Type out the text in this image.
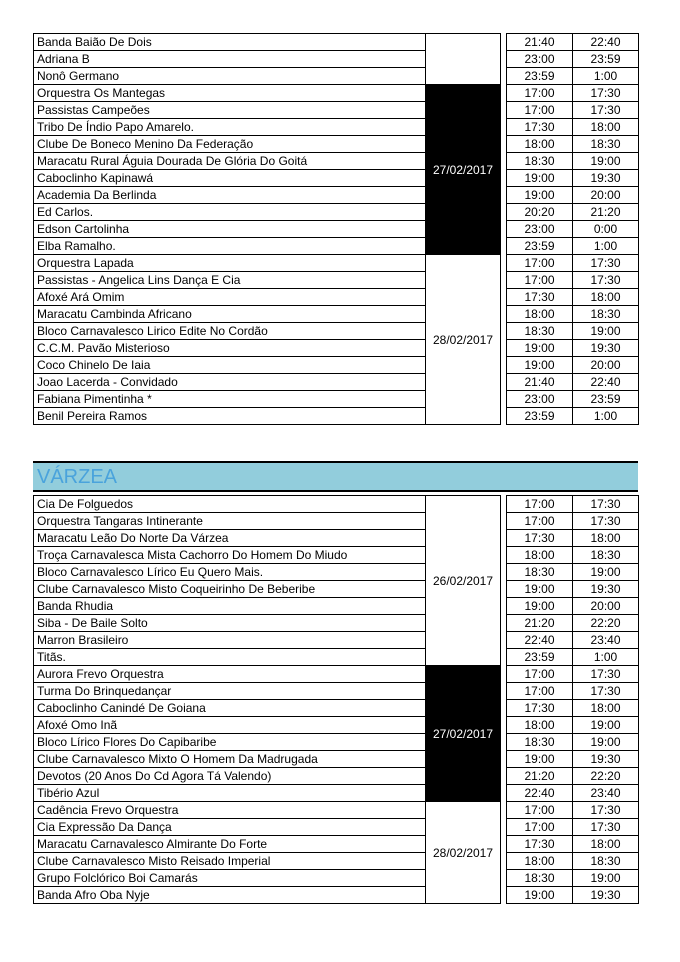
Banda Baião De Dois			21:40	22:40
Adriana B			23:00	23:59
Nonô Germano			23:59	1:00
Orquestra Os Mantegas	27/02/2017		17:00	17:30
Passistas Campeões			17:00	17:30
Tribo De Índio Papo Amarelo.			17:30	18:00
Clube De Boneco Menino Da Federação			18:00	18:30
Maracatu Rural Águia Dourada De Glória Do Goitá			18:30	19:00
Caboclinho Kapinawá			19:00	19:30
Academia Da Berlinda			19:00	20:00
Ed Carlos.			20:20	21:20
Edson Cartolinha			23:00	0:00
Elba Ramalho.			23:59	1:00
Orquestra Lapada	28/02/2017		17:00	17:30
Passistas - Angelica Lins Dança E Cia			17:00	17:30
Afoxé Ará Omim			17:30	18:00
Maracatu Cambinda Africano			18:00	18:30
Bloco Carnavalesco Lirico Edite No Cordão			18:30	19:00
C.C.M. Pavão Misterioso			19:00	19:30
Coco Chinelo De Iaia			19:00	20:00
Joao Lacerda - Convidado			21:40	22:40
Fabiana Pimentinha *			23:00	23:59
Benil Pereira Ramos			23:59	1:00
VÁRZEA
Cia De Folguedos	26/02/2017		17:00	17:30
Orquestra Tangaras Intinerante			17:00	17:30
Maracatu Leão Do Norte Da Várzea			17:30	18:00
Troça Carnavalesca Mista Cachorro Do Homem Do Miudo			18:00	18:30
Bloco Carnavalesco Lírico Eu Quero Mais.			18:30	19:00
Clube Carnavalesco Misto Coqueirinho De Beberibe			19:00	19:30
Banda Rhudia			19:00	20:00
Siba - De Baile Solto			21:20	22:20
Marron Brasileiro			22:40	23:40
Titãs.			23:59	1:00
Aurora Frevo Orquestra	27/02/2017		17:00	17:30
Turma Do Brinquedançar			17:00	17:30
Caboclinho Canindé De Goiana			17:30	18:00
Afoxé Omo Inã			18:00	19:00
Bloco Lírico Flores Do Capibaribe			18:30	19:00
Clube Carnavalesco Mixto O Homem Da Madrugada			19:00	19:30
Devotos (20 Anos Do Cd Agora Tá Valendo)			21:20	22:20
Tibério Azul			22:40	23:40
Cadência Frevo Orquestra	28/02/2017		17:00	17:30
Cia Expressão Da Dança			17:00	17:30
Maracatu Carnavalesco Almirante Do Forte			17:30	18:00
Clube Carnavalesco Misto Reisado Imperial			18:00	18:30
Grupo Folclórico Boi Camarás			18:30	19:00
Banda Afro Oba Nyje			19:00	19:30
